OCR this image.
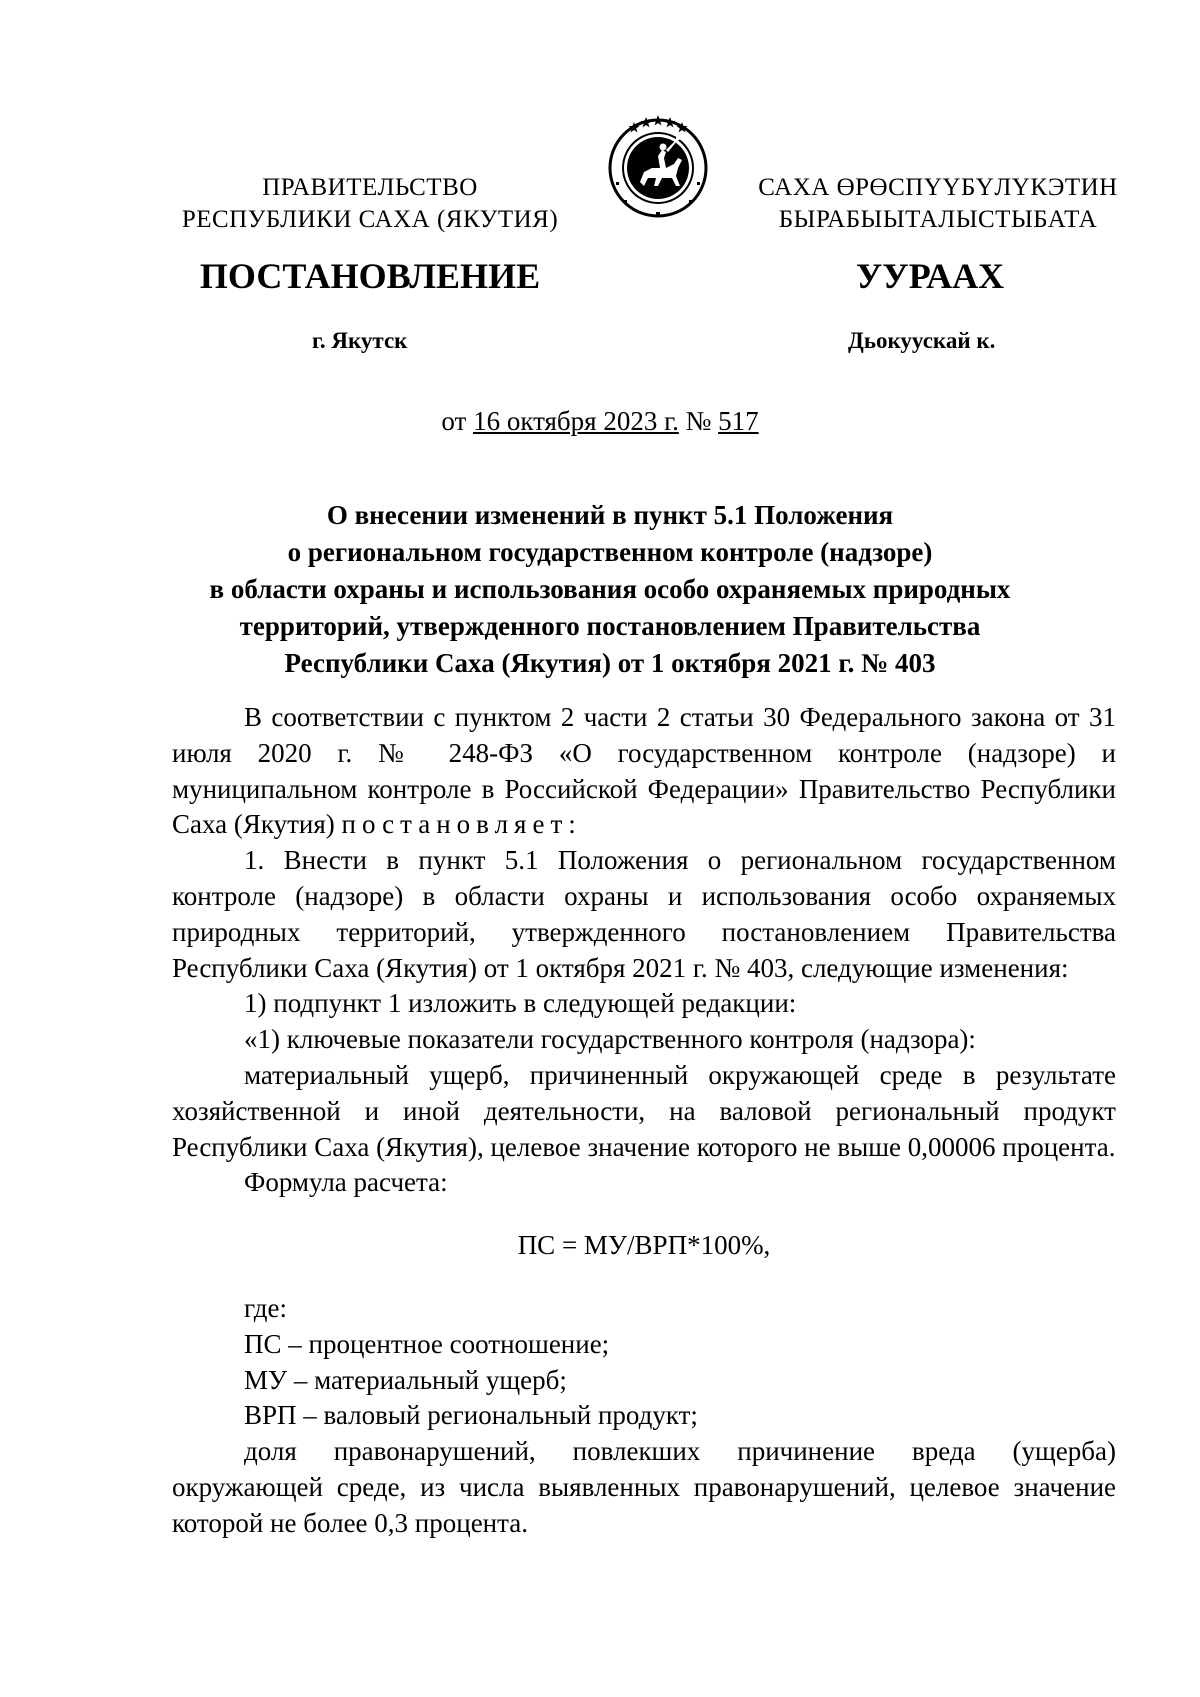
ПРАВИТЕЛЬСТВО
РЕСПУБЛИКИ САХА (ЯКУТИЯ)
САХА ӨРӨСПҮҮБҮЛҮКЭТИН
БЫРАБЫЫТАЛЫСТЫБАТА
ПОСТАНОВЛЕНИЕ	УУРААХ
г. Якутск	Дьокуускай к.
от 16 октября 2023 г. № 517
О внесении изменений в пункт 5.1 Положения
о региональном государственном контроле (надзоре)
в области охраны и использования особо охраняемых природных
территорий, утвержденного постановлением Правительства
Республики Саха (Якутия) от 1 октября 2021 г. № 403

В соответствии с пунктом 2 части 2 статьи 30 Федерального закона от 31 июля 2020 г. № 248-ФЗ «О государственном контроле (надзоре) и муниципальном контроле в Российской Федерации» Правительство Республики Саха (Якутия) постановляет:

1. Внести в пункт 5.1 Положения о региональном государственном контроле (надзоре) в области охраны и использования особо охраняемых природных территорий, утвержденного постановлением Правительства Республики Саха (Якутия) от 1 октября 2021 г. № 403, следующие изменения:

1) подпункт 1 изложить в следующей редакции:

«1) ключевые показатели государственного контроля (надзора):

материальный ущерб, причиненный окружающей среде в результате хозяйственной и иной деятельности, на валовой региональный продукт Республики Саха (Якутия), целевое значение которого не выше 0,00006 процента.

Формула расчета:

ПС = МУ/ВРП*100%,

где:

ПС – процентное соотношение;

МУ – материальный ущерб;

ВРП – валовый региональный продукт;

доля правонарушений, повлекших причинение вреда (ущерба) окружающей среде, из числа выявленных правонарушений, целевое значение которой не более 0,3 процента.
